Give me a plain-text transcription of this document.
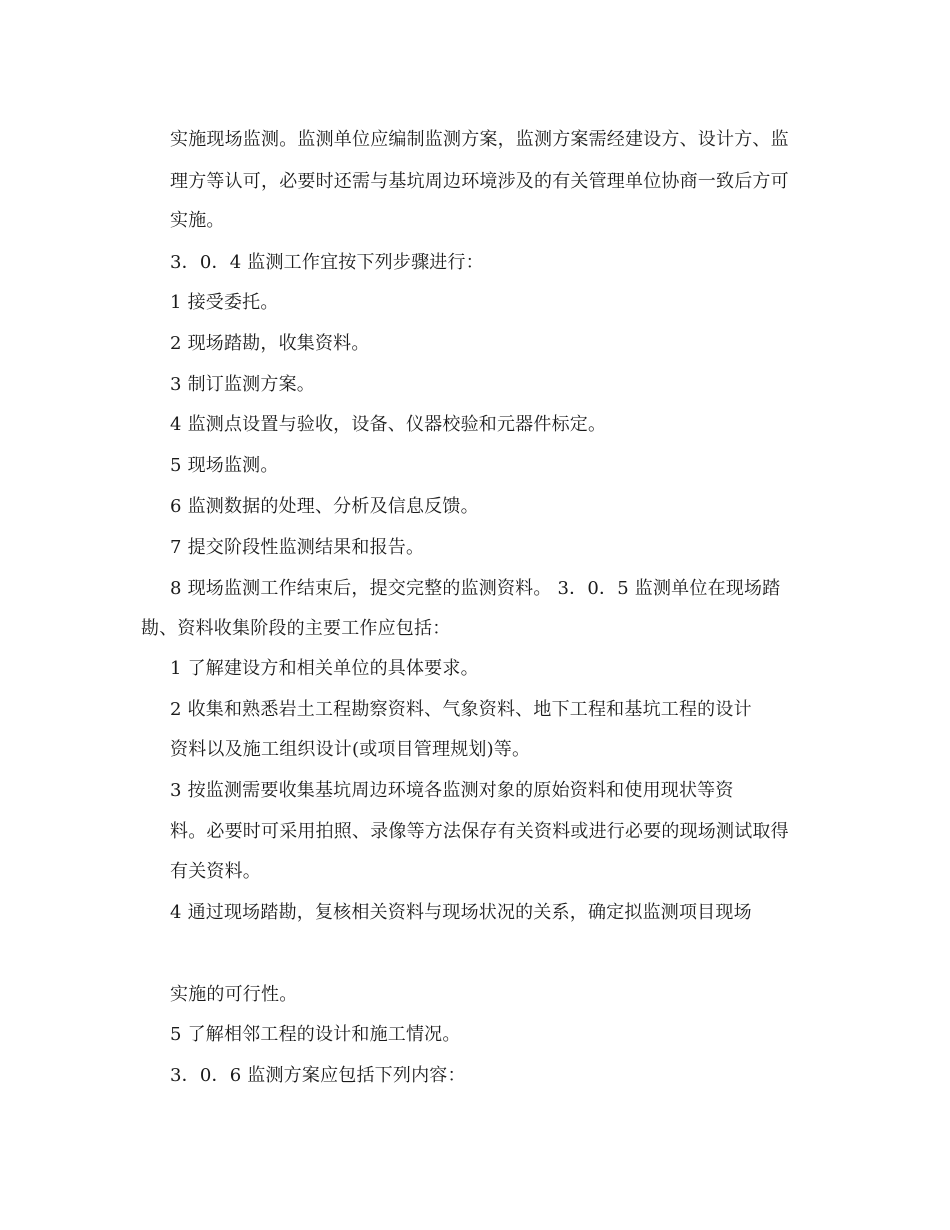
实施现场监测。监测单位应编制监测方案，监测方案需经建设方、设计方、监
理方等认可，必要时还需与基坑周边环境涉及的有关管理单位协商一致后方可
实施。
3．0．4 监测工作宜按下列步骤进行：
1 接受委托。
2 现场踏勘，收集资料。
3 制订监测方案。
4 监测点设置与验收，设备、仪器校验和元器件标定。
5 现场监测。
6 监测数据的处理、分析及信息反馈。
7 提交阶段性监测结果和报告。
8 现场监测工作结束后，提交完整的监测资料。 3．0．5 监测单位在现场踏
勘、资料收集阶段的主要工作应包括：
1 了解建设方和相关单位的具体要求。
2 收集和熟悉岩土工程勘察资料、气象资料、地下工程和基坑工程的设计
资料以及施工组织设计(或项目管理规划)等。
3 按监测需要收集基坑周边环境各监测对象的原始资料和使用现状等资
料。必要时可采用拍照、录像等方法保存有关资料或进行必要的现场测试取得
有关资料。
4 通过现场踏勘，复核相关资料与现场状况的关系，确定拟监测项目现场
实施的可行性。
5 了解相邻工程的设计和施工情况。
3．0．6 监测方案应包括下列内容：
